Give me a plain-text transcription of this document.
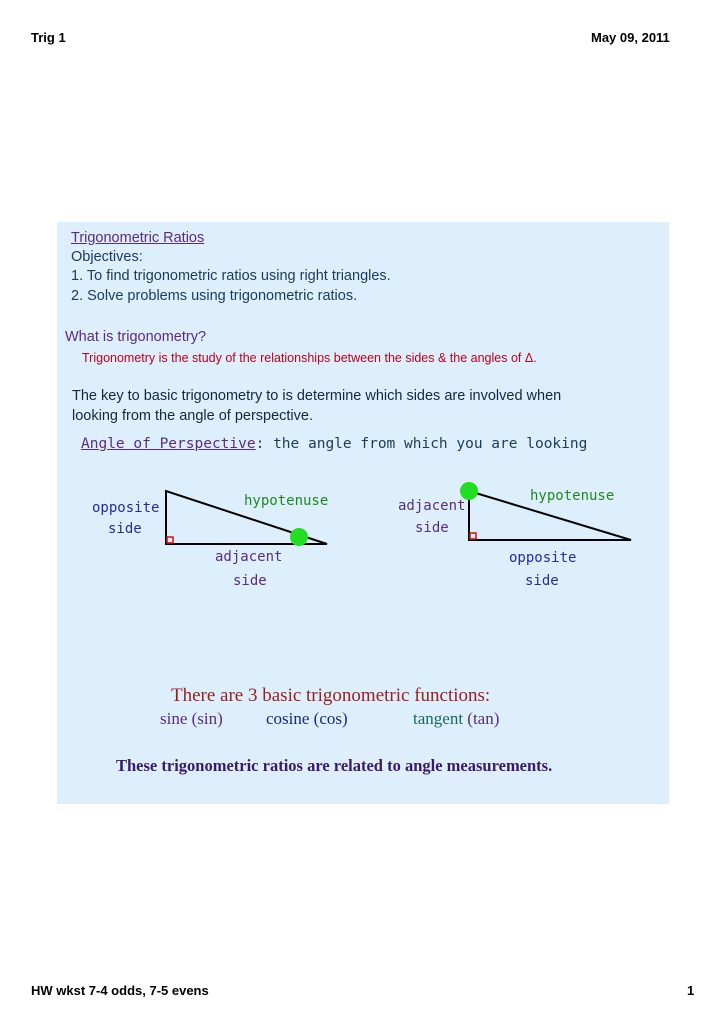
Trig 1	May 09, 2011
Trigonometric Ratios
Objectives:
1. To find trigonometric ratios using right triangles.
2. Solve problems using trigonometric ratios.
What is trigonometry?
Trigonometry is the study of the relationships between the sides & the angles of Δ.
The key to basic trigonometry to is determine which sides are involved when
looking from the angle of perspective.
Angle of Perspective: the angle from which you are looking
opposite
side
hypotenuse
adjacent
side
adjacent
side
hypotenuse
opposite
side
There are 3 basic trigonometric functions:
sine (sin)	cosine (cos)	tangent (tan)
These trigonometric ratios are related to angle measurements.
HW wkst 7-4 odds, 7-5 evens	1
